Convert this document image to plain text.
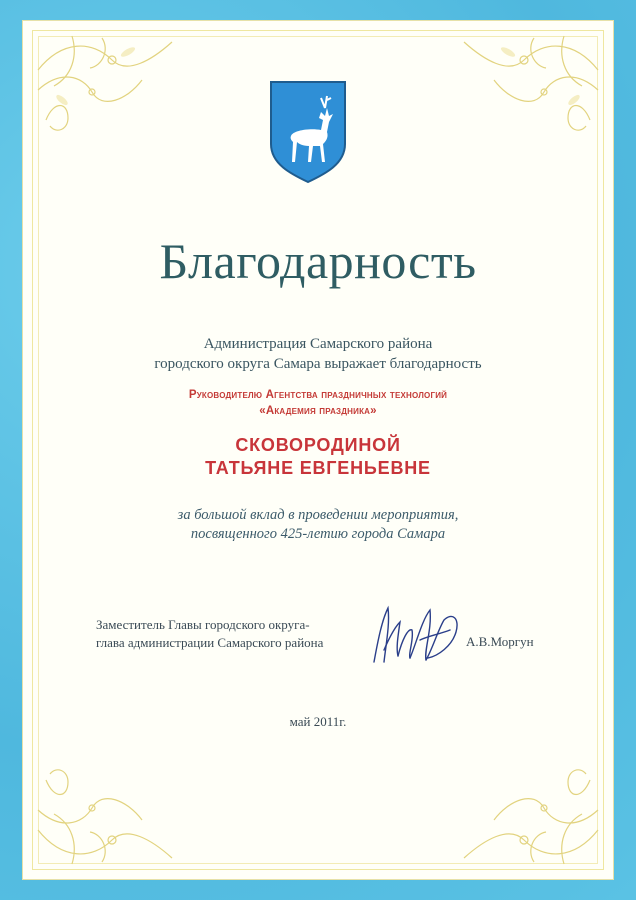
Благодарность
Администрация Самарского района
городского округа Самара выражает благодарность
Руководителю Агентства праздничных технологий
«Академия праздника»
СКОВОРОДИНОЙ
ТАТЬЯНЕ ЕВГЕНЬЕВНЕ
за большой вклад в проведении мероприятия,
посвященного 425-летию города Самара
Заместитель Главы городского округа-
глава администрации Самарского района	А.В.Моргун
май 2011г.
